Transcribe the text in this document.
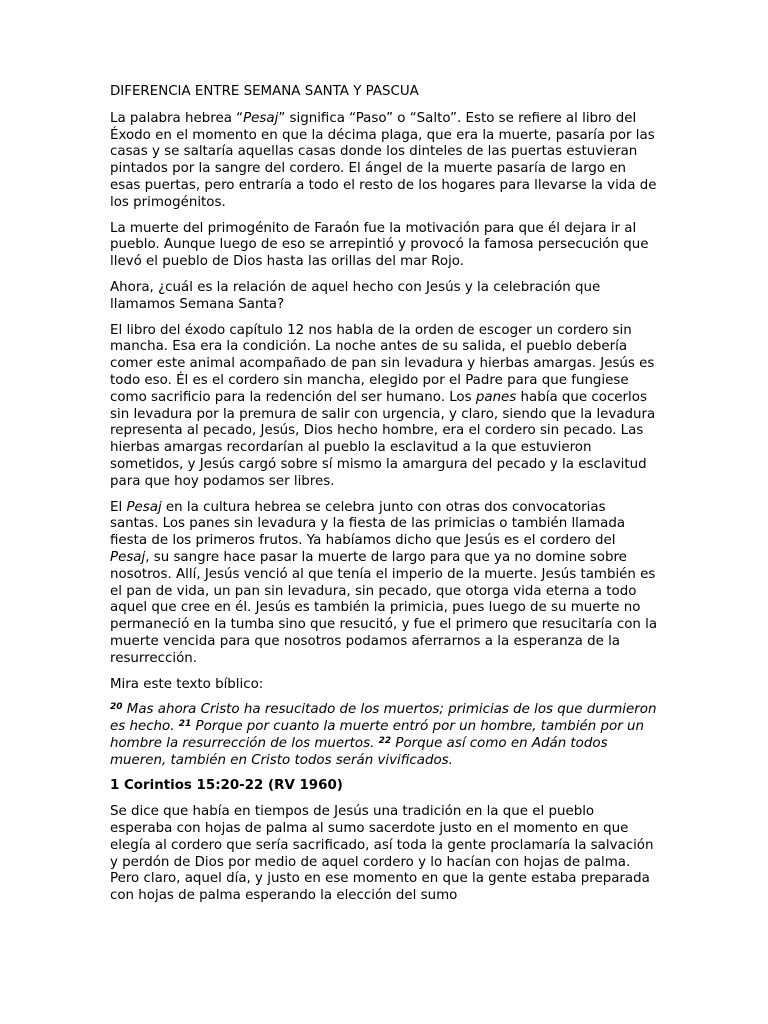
DIFERENCIA ENTRE SEMANA SANTA Y PASCUA

La palabra hebrea “Pesaj” significa “Paso” o “Salto”. Esto se refiere al libro del Éxodo en el momento en que la décima plaga, que era la muerte, pasaría por las casas y se saltaría aquellas casas donde los dinteles de las puertas estuvieran pintados por la sangre del cordero. El ángel de la muerte pasaría de largo en esas puertas, pero entraría a todo el resto de los hogares para llevarse la vida de los primogénitos.

La muerte del primogénito de Faraón fue la motivación para que él dejara ir al pueblo. Aunque luego de eso se arrepintió y provocó la famosa persecución que llevó el pueblo de Dios hasta las orillas del mar Rojo.

Ahora, ¿cuál es la relación de aquel hecho con Jesús y la celebración que llamamos Semana Santa?

El libro del éxodo capítulo 12 nos habla de la orden de escoger un cordero sin mancha. Esa era la condición. La noche antes de su salida, el pueblo debería comer este animal acompañado de pan sin levadura y hierbas amargas. Jesús es todo eso. Él es el cordero sin mancha, elegido por el Padre para que fungiese como sacrificio para la redención del ser humano. Los panes había que cocerlos sin levadura por la premura de salir con urgencia, y claro, siendo que la levadura representa al pecado, Jesús, Dios hecho hombre, era el cordero sin pecado. Las hierbas amargas recordarían al pueblo la esclavitud a la que estuvieron sometidos, y Jesús cargó sobre sí mismo la amargura del pecado y la esclavitud para que hoy podamos ser libres.

El Pesaj en la cultura hebrea se celebra junto con otras dos convocatorias santas. Los panes sin levadura y la fiesta de las primicias o también llamada fiesta de los primeros frutos. Ya habíamos dicho que Jesús es el cordero del Pesaj, su sangre hace pasar la muerte de largo para que ya no domine sobre nosotros. Allí, Jesús venció al que tenía el imperio de la muerte. Jesús también es el pan de vida, un pan sin levadura, sin pecado, que otorga vida eterna a todo aquel que cree en él. Jesús es también la primicia, pues luego de su muerte no permaneció en la tumba sino que resucitó, y fue el primero que resucitaría con la muerte vencida para que nosotros podamos aferrarnos a la esperanza de la resurrección.

Mira este texto bíblico:

$^{20}$ Mas ahora Cristo ha resucitado de los muertos; primicias de los que durmieron es hecho. $^{21}$ Porque por cuanto la muerte entró por un hombre, también por un hombre la resurrección de los muertos. $^{22}$ Porque así como en Adán todos mueren, también en Cristo todos serán vivificados.

1 Corintios 15:20-22 (RV 1960)

Se dice que había en tiempos de Jesús una tradición en la que el pueblo esperaba con hojas de palma al sumo sacerdote justo en el momento en que elegía al cordero que sería sacrificado, así toda la gente proclamaría la salvación y perdón de Dios por medio de aquel cordero y lo hacían con hojas de palma. Pero claro, aquel día, y justo en ese momento en que la gente estaba preparada con hojas de palma esperando la elección del sumo
